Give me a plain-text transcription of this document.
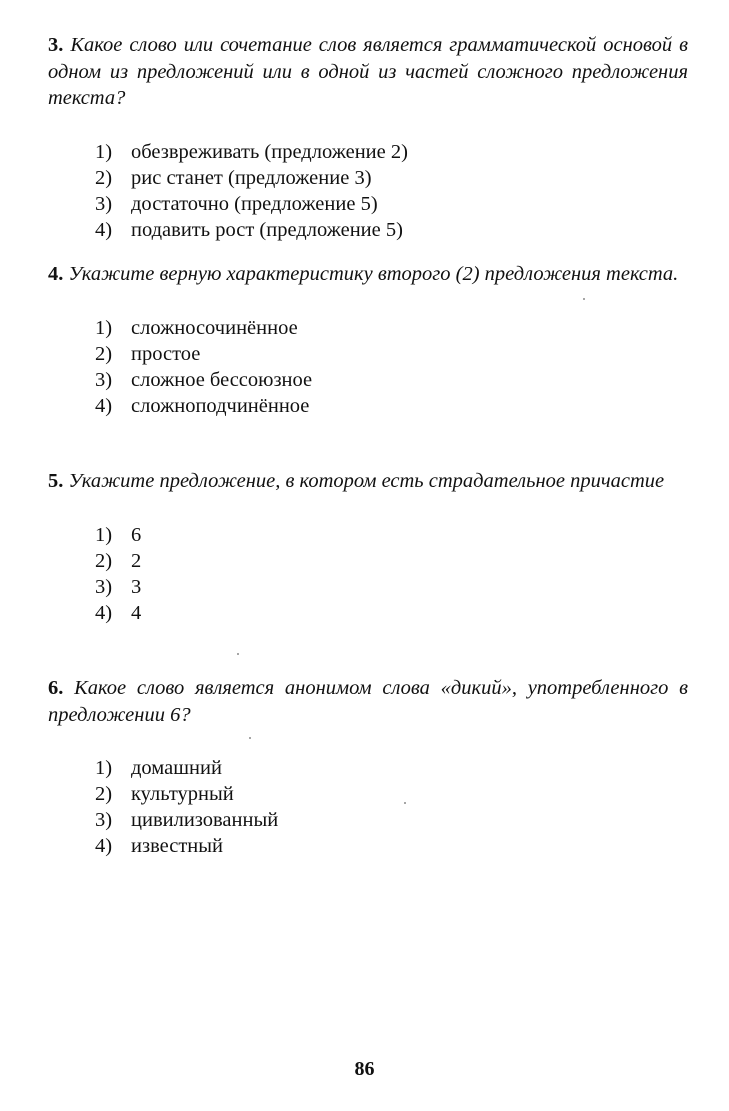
3. Какое слово или сочетание слов является грамматической основой в одном из предложений или в одной из частей сложного предложения текста?

1) обезвреживать (предложение 2)
2) рис станет (предложение 3)
3) достаточно (предложение 5)
4) подавить рост (предложение 5)

4. Укажите верную характеристику второго (2) предложения текста.

1) сложносочинённое
2) простое
3) сложное бессоюзное
4) сложноподчинённое

5. Укажите предложение, в котором есть страдательное причастие

1) 6
2) 2
3) 3
4) 4

6. Какое слово является анонимом слова «дикий», употребленного в предложении 6?

1) домашний
2) культурный
3) цивилизованный
4) известный
86
